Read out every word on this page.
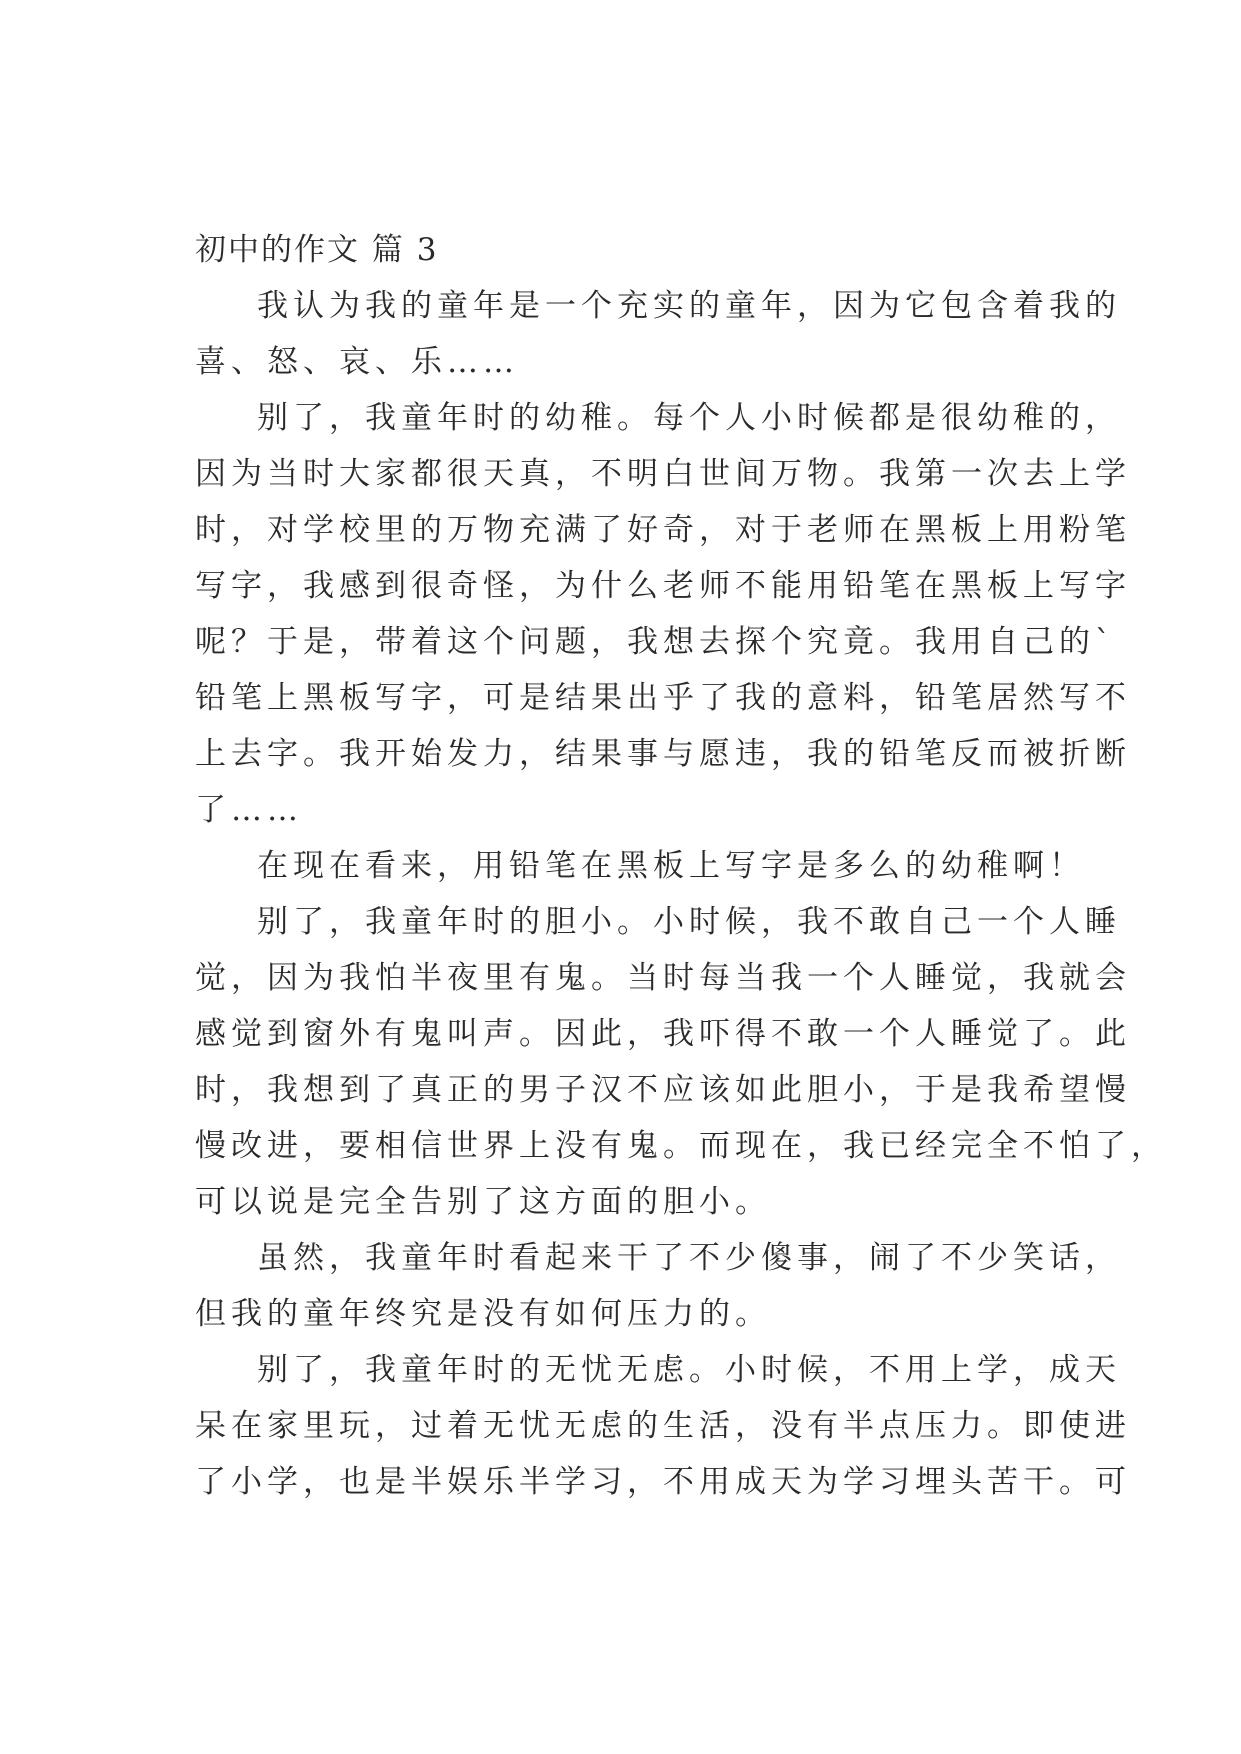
初中的作文 篇 3
我认为我的童年是一个充实的童年，因为它包含着我的
喜、怒、哀、乐……
别了，我童年时的幼稚。每个人小时候都是很幼稚的，
因为当时大家都很天真，不明白世间万物。我第一次去上学
时，对学校里的万物充满了好奇，对于老师在黑板上用粉笔
写字，我感到很奇怪，为什么老师不能用铅笔在黑板上写字
呢？于是，带着这个问题，我想去探个究竟。我用自己的`
铅笔上黑板写字，可是结果出乎了我的意料，铅笔居然写不
上去字。我开始发力，结果事与愿违，我的铅笔反而被折断
了……
在现在看来，用铅笔在黑板上写字是多么的幼稚啊！
别了，我童年时的胆小。小时候，我不敢自己一个人睡
觉，因为我怕半夜里有鬼。当时每当我一个人睡觉，我就会
感觉到窗外有鬼叫声。因此，我吓得不敢一个人睡觉了。此
时，我想到了真正的男子汉不应该如此胆小，于是我希望慢
慢改进，要相信世界上没有鬼。而现在，我已经完全不怕了，
可以说是完全告别了这方面的胆小。
虽然，我童年时看起来干了不少傻事，闹了不少笑话，
但我的童年终究是没有如何压力的。
别了，我童年时的无忧无虑。小时候，不用上学，成天
呆在家里玩，过着无忧无虑的生活，没有半点压力。即使进
了小学，也是半娱乐半学习，不用成天为学习埋头苦干。可
